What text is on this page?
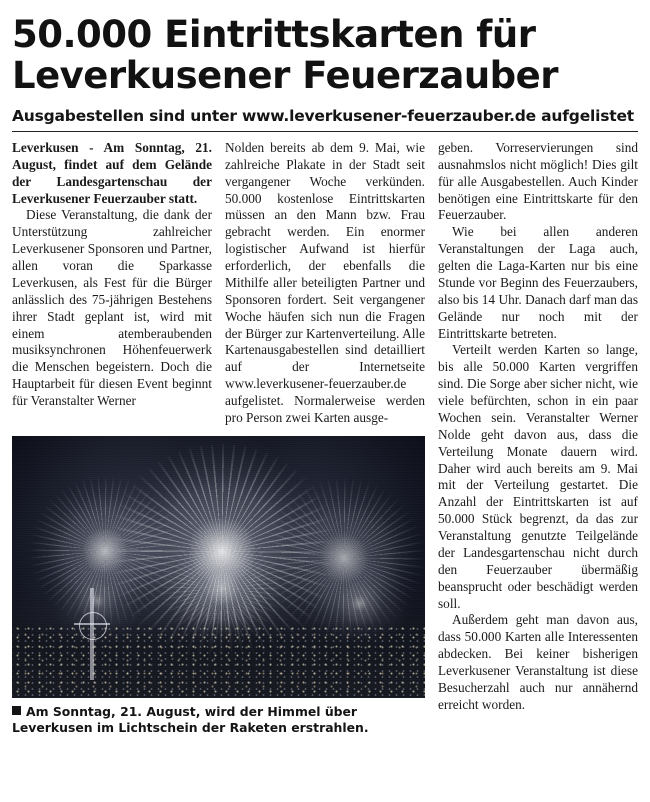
50.000 Eintrittskarten für
Leverkusener Feuerzauber
Ausgabestellen sind unter www.leverkusener-feuerzauber.de aufgelistet

Leverkusen - Am Sonntag, 21. August, findet auf dem Gelände der Landesgartenschau der Leverkusener Feuerzauber statt.

Diese Veranstaltung, die dank der Unterstützung zahlreicher Leverkusener Sponsoren und Partner, allen voran die Sparkasse Leverkusen, als Fest für die Bürger anlässlich des 75-jährigen Bestehens ihrer Stadt geplant ist, wird mit einem atemberaubenden musiksynchronen Höhenfeuerwerk die Menschen begeistern. Doch die Hauptarbeit für diesen Event beginnt für Veranstalter Werner

Nolden bereits ab dem 9. Mai, wie zahlreiche Plakate in der Stadt seit vergangener Woche verkünden. 50.000 kostenlose Eintrittskarten müssen an den Mann bzw. Frau gebracht werden. Ein enormer logistischer Aufwand ist hierfür erforderlich, der ebenfalls die Mithilfe aller beteiligten Partner und Sponsoren fordert. Seit vergangener Woche häufen sich nun die Fragen der Bürger zur Kartenverteilung. Alle Kartenausgabestellen sind detailliert auf der Internetseite www.leverkusener-feuerzauber.de aufgelistet. Normalerweise werden pro Person zwei Karten ausge-

Am Sonntag, 21. August, wird der Himmel über Leverkusen im Lichtschein der Raketen erstrahlen.

geben. Vorreservierungen sind ausnahmslos nicht möglich! Dies gilt für alle Ausgabestellen. Auch Kinder benötigen eine Eintrittskarte für den Feuerzauber.

Wie bei allen anderen Veranstaltungen der Laga auch, gelten die Laga-Karten nur bis eine Stunde vor Beginn des Feuerzaubers, also bis 14 Uhr. Danach darf man das Gelände nur noch mit der Eintrittskarte betreten.

Verteilt werden Karten so lange, bis alle 50.000 Karten vergriffen sind. Die Sorge aber sicher nicht, wie viele befürchten, schon in ein paar Wochen sein. Veranstalter Werner Nolde geht davon aus, dass die Verteilung Monate dauern wird. Daher wird auch bereits am 9. Mai mit der Verteilung gestartet. Die Anzahl der Eintrittskarten ist auf 50.000 Stück begrenzt, da das zur Veranstaltung genutzte Teilgelände der Landesgartenschau nicht durch den Feuerzauber übermäßig beansprucht oder beschädigt werden soll.

Außerdem geht man davon aus, dass 50.000 Karten alle Interessenten abdecken. Bei keiner bisherigen Leverkusener Veranstaltung ist diese Besucherzahl auch nur annähernd erreicht worden.
